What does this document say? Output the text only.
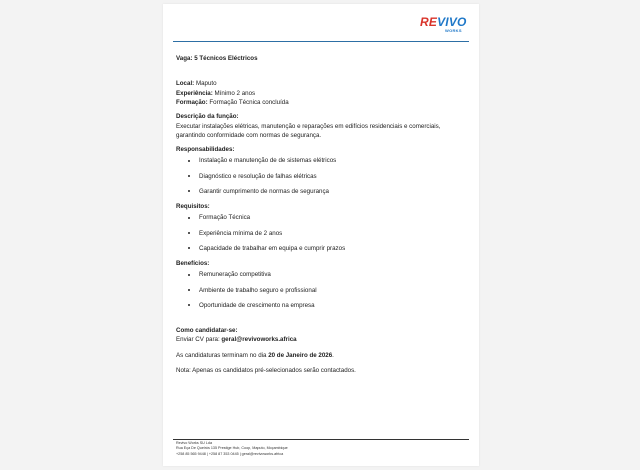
REVIVO
WORKS
Vaga: 5 Técnicos Eléctricos
Local: Maputo
Experiência: Mínimo 2 anos
Formação: Formação Técnica concluída
Descrição da função:
Executar instalações elétricas, manutenção e reparações em edifícios residenciais e comerciais, garantindo conformidade com normas de segurança.
Responsabilidades:
Instalação e manutenção de de sistemas elétricos
Diagnóstico e resolução de falhas elétricas
Garantir cumprimento de normas de segurança
Requisitos:
Formação Técnica
Experiência mínima de 2 anos
Capacidade de trabalhar em equipa e cumprir prazos
Benefícios:
Remuneração competitiva
Ambiente de trabalho seguro e profissional
Oportunidade de crescimento na empresa
Como candidatar-se:
Enviar CV para: geral@revivoworks.africa
As candidaturas terminam no dia 20 de Janeiro de 2026.
Nota: Apenas os candidatos pré-selecionados serão contactados.
Revivo Works SU Lda
Rua Eça De Queirós 135 Prestige Hub, Coop, Maputo, Moçambique
+258 85 565 9448 | +258 87 353 0445 | geral@revivoworks.africa
